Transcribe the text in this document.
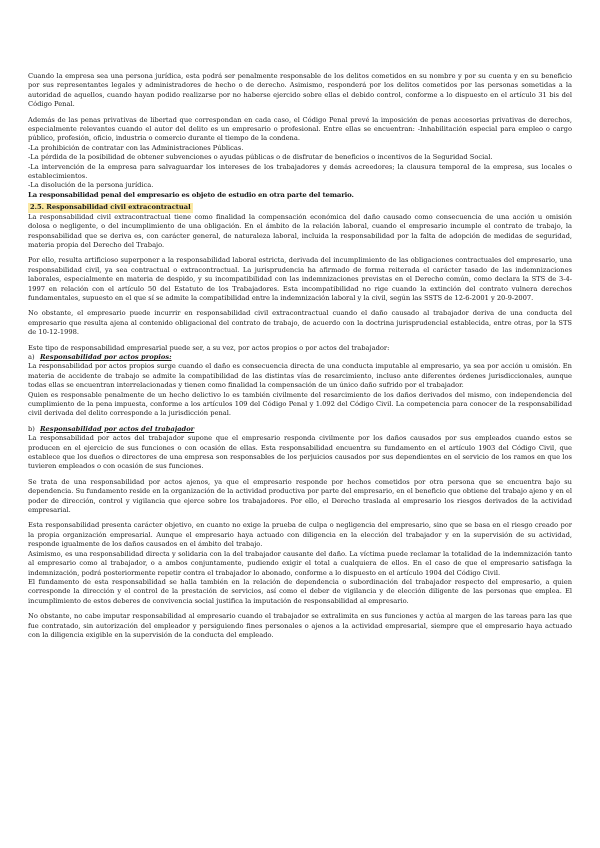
Cuando la empresa sea una persona jurídica, esta podrá ser penalmente responsable de los delitos cometidos en su nombre y por su cuenta y en su beneficio por sus representantes legales y administradores de hecho o de derecho. Asimismo, responderá por los delitos cometidos por las personas sometidas a la autoridad de aquellos, cuando hayan podido realizarse por no haberse ejercido sobre ellas el debido control, conforme a lo dispuesto en el artículo 31 bis del Código Penal.

Además de las penas privativas de libertad que correspondan en cada caso, el Código Penal prevé la imposición de penas accesorias privativas de derechos, especialmente relevantes cuando el autor del delito es un empresario o profesional. Entre ellas se encuentran: -Inhabilitación especial para empleo o cargo público, profesión, oficio, industria o comercio durante el tiempo de la condena.

-La prohibición de contratar con las Administraciones Públicas.

-La pérdida de la posibilidad de obtener subvenciones o ayudas públicas o de disfrutar de beneficios o incentivos de la Seguridad Social.

-La intervención de la empresa para salvaguardar los intereses de los trabajadores y demás acreedores; la clausura temporal de la empresa, sus locales o establecimientos.

-La disolución de la persona jurídica.

La responsabilidad penal del empresario es objeto de estudio en otra parte del temario.

2.5. Responsabilidad civil extracontractual

La responsabilidad civil extracontractual tiene como finalidad la compensación económica del daño causado como consecuencia de una acción u omisión dolosa o negligente, o del incumplimiento de una obligación. En el ámbito de la relación laboral, cuando el empresario incumple el contrato de trabajo, la responsabilidad que se deriva es, con carácter general, de naturaleza laboral, incluida la responsabilidad por la falta de adopción de medidas de seguridad, materia propia del Derecho del Trabajo.

Por ello, resulta artificioso superponer a la responsabilidad laboral estricta, derivada del incumplimiento de las obligaciones contractuales del empresario, una responsabilidad civil, ya sea contractual o extracontractual. La jurisprudencia ha afirmado de forma reiterada el carácter tasado de las indemnizaciones laborales, especialmente en materia de despido, y su incompatibilidad con las indemnizaciones previstas en el Derecho común, como declara la STS de 3-4-1997 en relación con el artículo 50 del Estatuto de los Trabajadores. Esta incompatibilidad no rige cuando la extinción del contrato vulnera derechos fundamentales, supuesto en el que sí se admite la compatibilidad entre la indemnización laboral y la civil, según las SSTS de 12-6-2001 y 20-9-2007.

No obstante, el empresario puede incurrir en responsabilidad civil extracontractual cuando el daño causado al trabajador deriva de una conducta del empresario que resulta ajena al contenido obligacional del contrato de trabajo, de acuerdo con la doctrina jurisprudencial establecida, entre otras, por la STS de 10-12-1998.

Este tipo de responsabilidad empresarial puede ser, a su vez, por actos propios o por actos del trabajador:

a) Responsabilidad por actos propios:

La responsabilidad por actos propios surge cuando el daño es consecuencia directa de una conducta imputable al empresario, ya sea por acción u omisión. En materia de accidente de trabajo se admite la compatibilidad de las distintas vías de resarcimiento, incluso ante diferentes órdenes jurisdiccionales, aunque todas ellas se encuentran interrelacionadas y tienen como finalidad la compensación de un único daño sufrido por el trabajador.

Quien es responsable penalmente de un hecho delictivo lo es también civilmente del resarcimiento de los daños derivados del mismo, con independencia del cumplimiento de la pena impuesta, conforme a los artículos 109 del Código Penal y 1.092 del Código Civil. La competencia para conocer de la responsabilidad civil derivada del delito corresponde a la jurisdicción penal.

b) Responsabilidad por actos del trabajador

La responsabilidad por actos del trabajador supone que el empresario responda civilmente por los daños causados por sus empleados cuando estos se producen en el ejercicio de sus funciones o con ocasión de ellas. Esta responsabilidad encuentra su fundamento en el artículo 1903 del Código Civil, que establece que los dueños o directores de una empresa son responsables de los perjuicios causados por sus dependientes en el servicio de los ramos en que los tuvieren empleados o con ocasión de sus funciones.

Se trata de una responsabilidad por actos ajenos, ya que el empresario responde por hechos cometidos por otra persona que se encuentra bajo su dependencia. Su fundamento reside en la organización de la actividad productiva por parte del empresario, en el beneficio que obtiene del trabajo ajeno y en el poder de dirección, control y vigilancia que ejerce sobre los trabajadores. Por ello, el Derecho traslada al empresario los riesgos derivados de la actividad empresarial.

Esta responsabilidad presenta carácter objetivo, en cuanto no exige la prueba de culpa o negligencia del empresario, sino que se basa en el riesgo creado por la propia organización empresarial. Aunque el empresario haya actuado con diligencia en la elección del trabajador y en la supervisión de su actividad, responde igualmente de los daños causados en el ámbito del trabajo.

Asimismo, es una responsabilidad directa y solidaria con la del trabajador causante del daño. La víctima puede reclamar la totalidad de la indemnización tanto al empresario como al trabajador, o a ambos conjuntamente, pudiendo exigir el total a cualquiera de ellos. En el caso de que el empresario satisfaga la indemnización, podrá posteriormente repetir contra el trabajador lo abonado, conforme a lo dispuesto en el artículo 1904 del Código Civil.

El fundamento de esta responsabilidad se halla también en la relación de dependencia o subordinación del trabajador respecto del empresario, a quien corresponde la dirección y el control de la prestación de servicios, así como el deber de vigilancia y de elección diligente de las personas que emplea. El incumplimiento de estos deberes de convivencia social justifica la imputación de responsabilidad al empresario.

No obstante, no cabe imputar responsabilidad al empresario cuando el trabajador se extralimita en sus funciones y actúa al margen de las tareas para las que fue contratado, sin autorización del empleador y persiguiendo fines personales o ajenos a la actividad empresarial, siempre que el empresario haya actuado con la diligencia exigible en la supervisión de la conducta del empleado.
